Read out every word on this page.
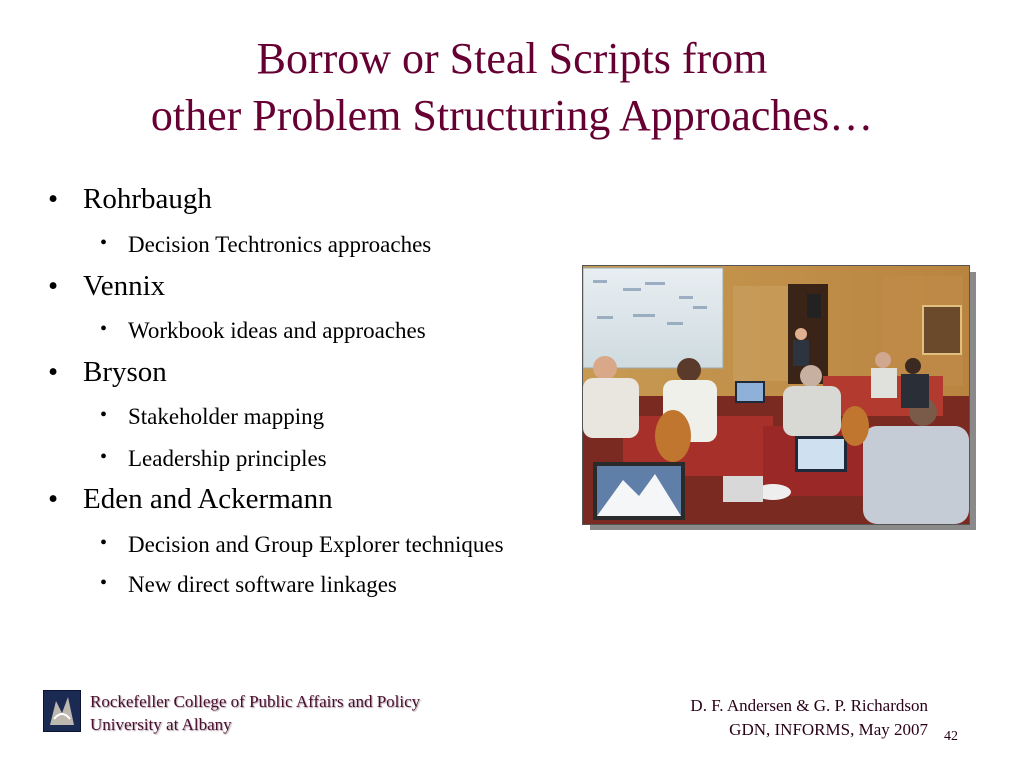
Borrow or Steal Scripts from
other Problem Structuring Approaches…
• Rohrbaugh
• Decision Techtronics approaches
• Vennix
• Workbook ideas and approaches
• Bryson
• Stakeholder mapping
• Leadership principles
• Eden and Ackermann
• Decision and Group Explorer techniques
• New direct software linkages
Rockefeller College of Public Affairs and Policy
University at Albany
D. F. Andersen & G. P. Richardson
GDN, INFORMS, May 2007 42
